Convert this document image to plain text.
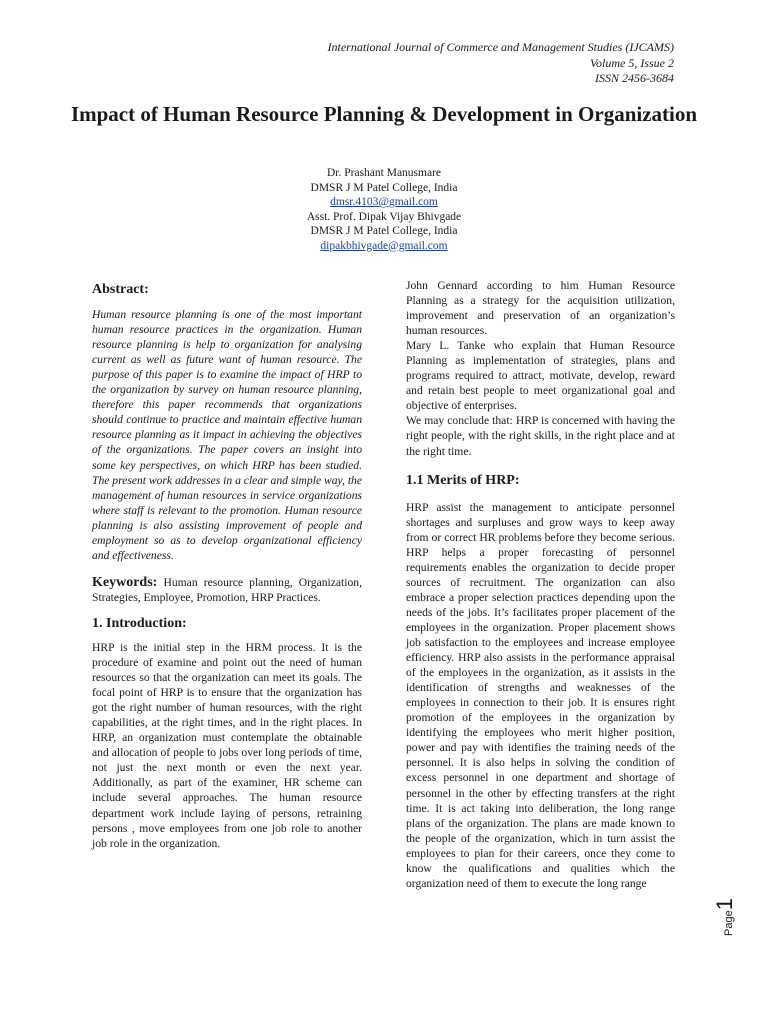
International Journal of Commerce and Management Studies (IJCAMS)
Volume 5, Issue 2
ISSN 2456-3684
Impact of Human Resource Planning & Development in Organization
Dr. Prashant Manusmare
DMSR J M Patel College, India
dmsr.4103@gmail.com
Asst. Prof. Dipak Vijay Bhivgade
DMSR J M Patel College, India
dipakbhivgade@gmail.com
Abstract:

Human resource planning is one of the most important human resource practices in the organization. Human resource planning is help to organization for analysing current as well as future want of human resource. The purpose of this paper is to examine the impact of HRP to the organization by survey on human resource planning, therefore this paper recommends that organizations should continue to practice and maintain effective human resource planning as it impact in achieving the objectives of the organizations. The paper covers an insight into some key perspectives, on which HRP has been studied. The present work addresses in a clear and simple way, the management of human resources in service organizations where staff is relevant to the promotion. Human resource planning is also assisting improvement of people and employment so as to develop organizational efficiency and effectiveness.

Keywords: Human resource planning, Organization, Strategies, Employee, Promotion, HRP Practices.

1. Introduction:

HRP is the initial step in the HRM process. It is the procedure of examine and point out the need of human resources so that the organization can meet its goals. The focal point of HRP is to ensure that the organization has got the right number of human resources, with the right capabilities, at the right times, and in the right places. In HRP, an organization must contemplate the obtainable and allocation of people to jobs over long periods of time, not just the next month or even the next year. Additionally, as part of the examiner, HR scheme can include several approaches. The human resource department work include laying of persons, retraining persons , move employees from one job role to another job role in the organization.

John Gennard according to him Human Resource Planning as a strategy for the acquisition utilization, improvement and preservation of an organization’s human resources.

Mary L. Tanke who explain that Human Resource Planning as implementation of strategies, plans and programs required to attract, motivate, develop, reward and retain best people to meet organizational goal and objective of enterprises.

We may conclude that: HRP is concerned with having the right people, with the right skills, in the right place and at the right time.

1.1 Merits of HRP:

HRP assist the management to anticipate personnel shortages and surpluses and grow ways to keep away from or correct HR problems before they become serious. HRP helps a proper forecasting of personnel requirements enables the organization to decide proper sources of recruitment. The organization can also embrace a proper selection practices depending upon the needs of the jobs. It’s facilitates proper placement of the employees in the organization. Proper placement shows job satisfaction to the employees and increase employee efficiency. HRP also assists in the performance appraisal of the employees in the organization, as it assists in the identification of strengths and weaknesses of the employees in connection to their job. It is ensures right promotion of the employees in the organization by identifying the employees who merit higher position, power and pay with identifies the training needs of the personnel. It is also helps in solving the condition of excess personnel in one department and shortage of personnel in the other by effecting transfers at the right time. It is act taking into deliberation, the long range plans of the organization. The plans are made known to the people of the organization, which in turn assist the employees to plan for their careers, once they come to know the qualifications and qualities which the organization need of them to execute the long range

Page1
